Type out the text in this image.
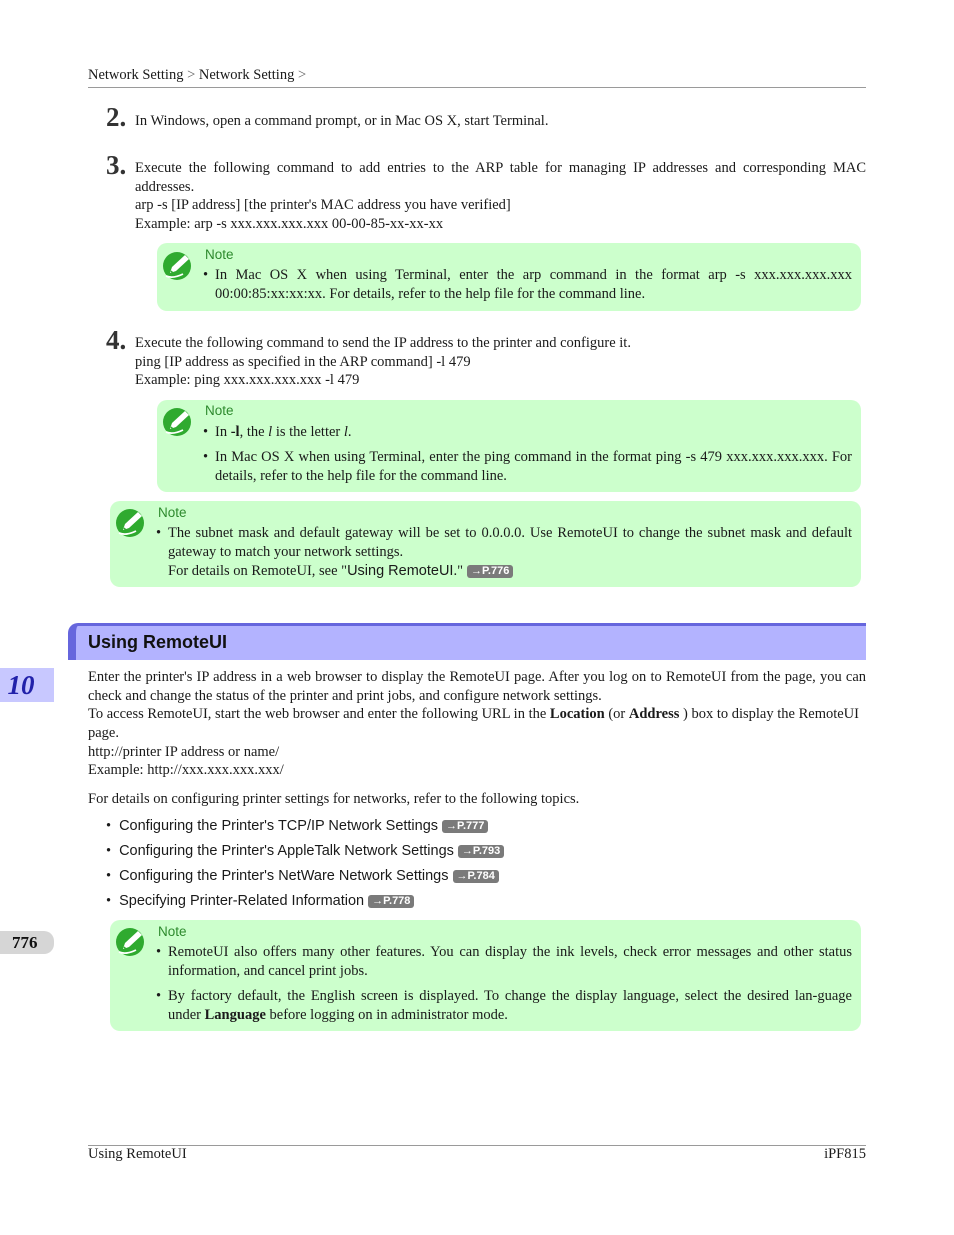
Network Setting > Network Setting >
2. In Windows, open a command prompt, or in Mac OS X, start Terminal.
3. Execute the following command to add entries to the ARP table for managing IP addresses and corresponding MAC addresses.
arp -s [IP address] [the printer's MAC address you have verified]
Example: arp -s xxx.xxx.xxx.xxx 00-00-85-xx-xx-xx
Note
• In Mac OS X when using Terminal, enter the arp command in the format arp -s xxx.xxx.xxx.xxx 00:00:85:xx:xx:xx. For details, refer to the help file for the command line.
4. Execute the following command to send the IP address to the printer and configure it.
ping [IP address as specified in the ARP command] -l 479
Example: ping xxx.xxx.xxx.xxx -l 479
Note
• In -l, the l is the letter l.
• In Mac OS X when using Terminal, enter the ping command in the format ping -s 479 xxx.xxx.xxx.xxx. For details, refer to the help file for the command line.
Note
• The subnet mask and default gateway will be set to 0.0.0.0. Use RemoteUI to change the subnet mask and default gateway to match your network settings.
For details on RemoteUI, see "Using RemoteUI." →P.776
Using RemoteUI
10	Enter the printer's IP address in a web browser to display the RemoteUI page. After you log on to RemoteUI from the page, you can check and change the status of the printer and print jobs, and configure network settings.
To access RemoteUI, start the web browser and enter the following URL in the Location (or Address ) box to display the RemoteUI page.
http://printer IP address or name/
Example: http://xxx.xxx.xxx.xxx/
For details on configuring printer settings for networks, refer to the following topics.
• Configuring the Printer's TCP/IP Network Settings →P.777
• Configuring the Printer's AppleTalk Network Settings →P.793
• Configuring the Printer's NetWare Network Settings →P.784
• Specifying Printer-Related Information →P.778
776
Note
• RemoteUI also offers many other features. You can display the ink levels, check error messages and other status information, and cancel print jobs.
• By factory default, the English screen is displayed. To change the display language, select the desired lan-guage under Language before logging on in administrator mode.
Using RemoteUI	iPF815
